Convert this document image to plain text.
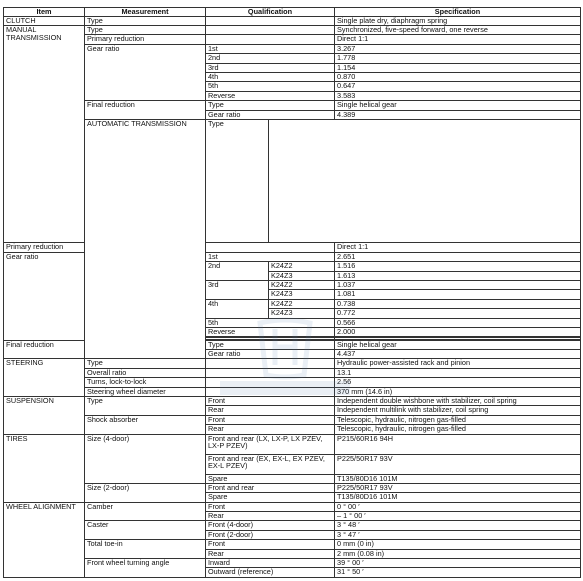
Item	Measurement	Qualification		Specification	
CLUTCH	Type			Single plate dry, diaphragm spring	
MANUAL TRANSMISSION	Type			Synchronized, five-speed forward, one reverse	
	Primary reduction			Direct 1:1	
	Gear ratio	1st		3.267	
		2nd		1.778	
		3rd		1.154	
		4th		0.870	
		5th		0.647	
		Reverse		3.583	
	Final reduction	Type		Single helical gear	
		Gear ratio		4.389	
	AUTOMATIC TRANSMISSION	Type		
Primary reduction				Direct 1:1	
Gear ratio		1st		2.651	
		2nd	K24Z2	1.516	
			K24Z3	1.613	
		3rd	K24Z2	1.037	
			K24Z3	1.081	
		4th	K24Z2	0.738	
			K24Z3	0.772	
		5th		0.566	
		Reverse		2.000	

Final reduction		Type		Single helical gear	
		Gear ratio		4.437	
STEERING	Type			Hydraulic power-assisted rack and pinion	
	Overall ratio			13.1	
	Turns, lock-to-lock			2.56	
	Steering wheel diameter			370 mm (14.6 in)	
SUSPENSION	Type	Front		Independent double wishbone with stabilizer, coil spring	
		Rear		Independent multilink with stabilizer, coil spring	
	Shock absorber	Front		Telescopic, hydraulic, nitrogen gas-filled	
		Rear		Telescopic, hydraulic, nitrogen gas-filled	
TIRES	Size (4-door)	Front and rear (LX, LX-P, LX PZEV, LX-P PZEV)		P215/60R16 94H	
		Front and rear (EX, EX-L, EX PZEV, EX-L PZEV)		P225/50R17 93V	
		Spare		T135/80D16 101M	
	Size (2-door)	Front and rear		P225/50R17 93V	
		Spare		T135/80D16 101M	
WHEEL ALIGNMENT	Camber	Front		0 ° 00 ′	
		Rear		– 1 ° 00 ′	
	Caster	Front (4-door)		3 ° 48 ′	
		Front (2-door)		3 ° 47 ′	
	Total toe-in	Front		0 mm (0 in)	
		Rear		2 mm (0.08 in)	
	Front wheel turning angle	Inward		39 ° 00 ′	
		Outward (reference)		31 ° 50 ′	
